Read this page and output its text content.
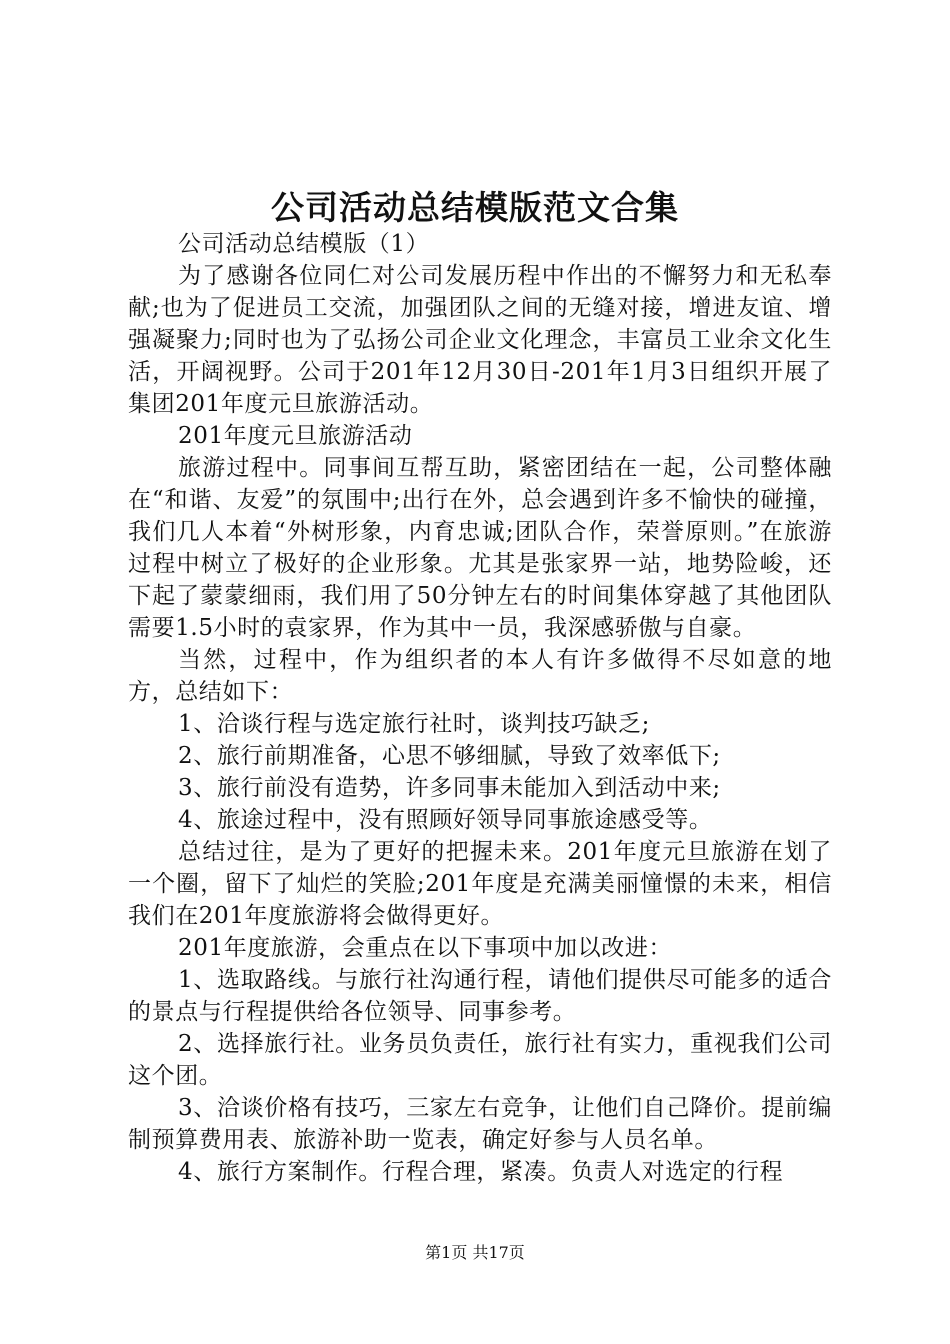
公司活动总结模版范文合集

公司活动总结模版（1）

为了感谢各位同仁对公司发展历程中作出的不懈努力和无私奉献;也为了促进员工交流，加强团队之间的无缝对接，增进友谊、增强凝聚力;同时也为了弘扬公司企业文化理念，丰富员工业余文化生活，开阔视野。公司于201年12月30日-201年1月3日组织开展了集团201年度元旦旅游活动。

201年度元旦旅游活动

旅游过程中。同事间互帮互助，紧密团结在一起，公司整体融在“和谐、友爱”的氛围中;出行在外，总会遇到许多不愉快的碰撞，我们几人本着“外树形象，内育忠诚;团队合作，荣誉原则。”在旅游过程中树立了极好的企业形象。尤其是张家界一站，地势险峻，还下起了蒙蒙细雨，我们用了50分钟左右的时间集体穿越了其他团队需要1.5小时的袁家界，作为其中一员，我深感骄傲与自豪。

当然，过程中，作为组织者的本人有许多做得不尽如意的地方，总结如下：

1、洽谈行程与选定旅行社时，谈判技巧缺乏;

2、旅行前期准备，心思不够细腻，导致了效率低下;

3、旅行前没有造势，许多同事未能加入到活动中来;

4、旅途过程中，没有照顾好领导同事旅途感受等。

总结过往，是为了更好的把握未来。201年度元旦旅游在划了一个圈，留下了灿烂的笑脸;201年度是充满美丽憧憬的未来，相信我们在201年度旅游将会做得更好。

201年度旅游，会重点在以下事项中加以改进：

1、选取路线。与旅行社沟通行程，请他们提供尽可能多的适合的景点与行程提供给各位领导、同事参考。

2、选择旅行社。业务员负责任，旅行社有实力，重视我们公司这个团。

3、洽谈价格有技巧，三家左右竞争，让他们自己降价。提前编制预算费用表、旅游补助一览表，确定好参与人员名单。

4、旅行方案制作。行程合理，紧凑。负责人对选定的行程

第1页 共17页
